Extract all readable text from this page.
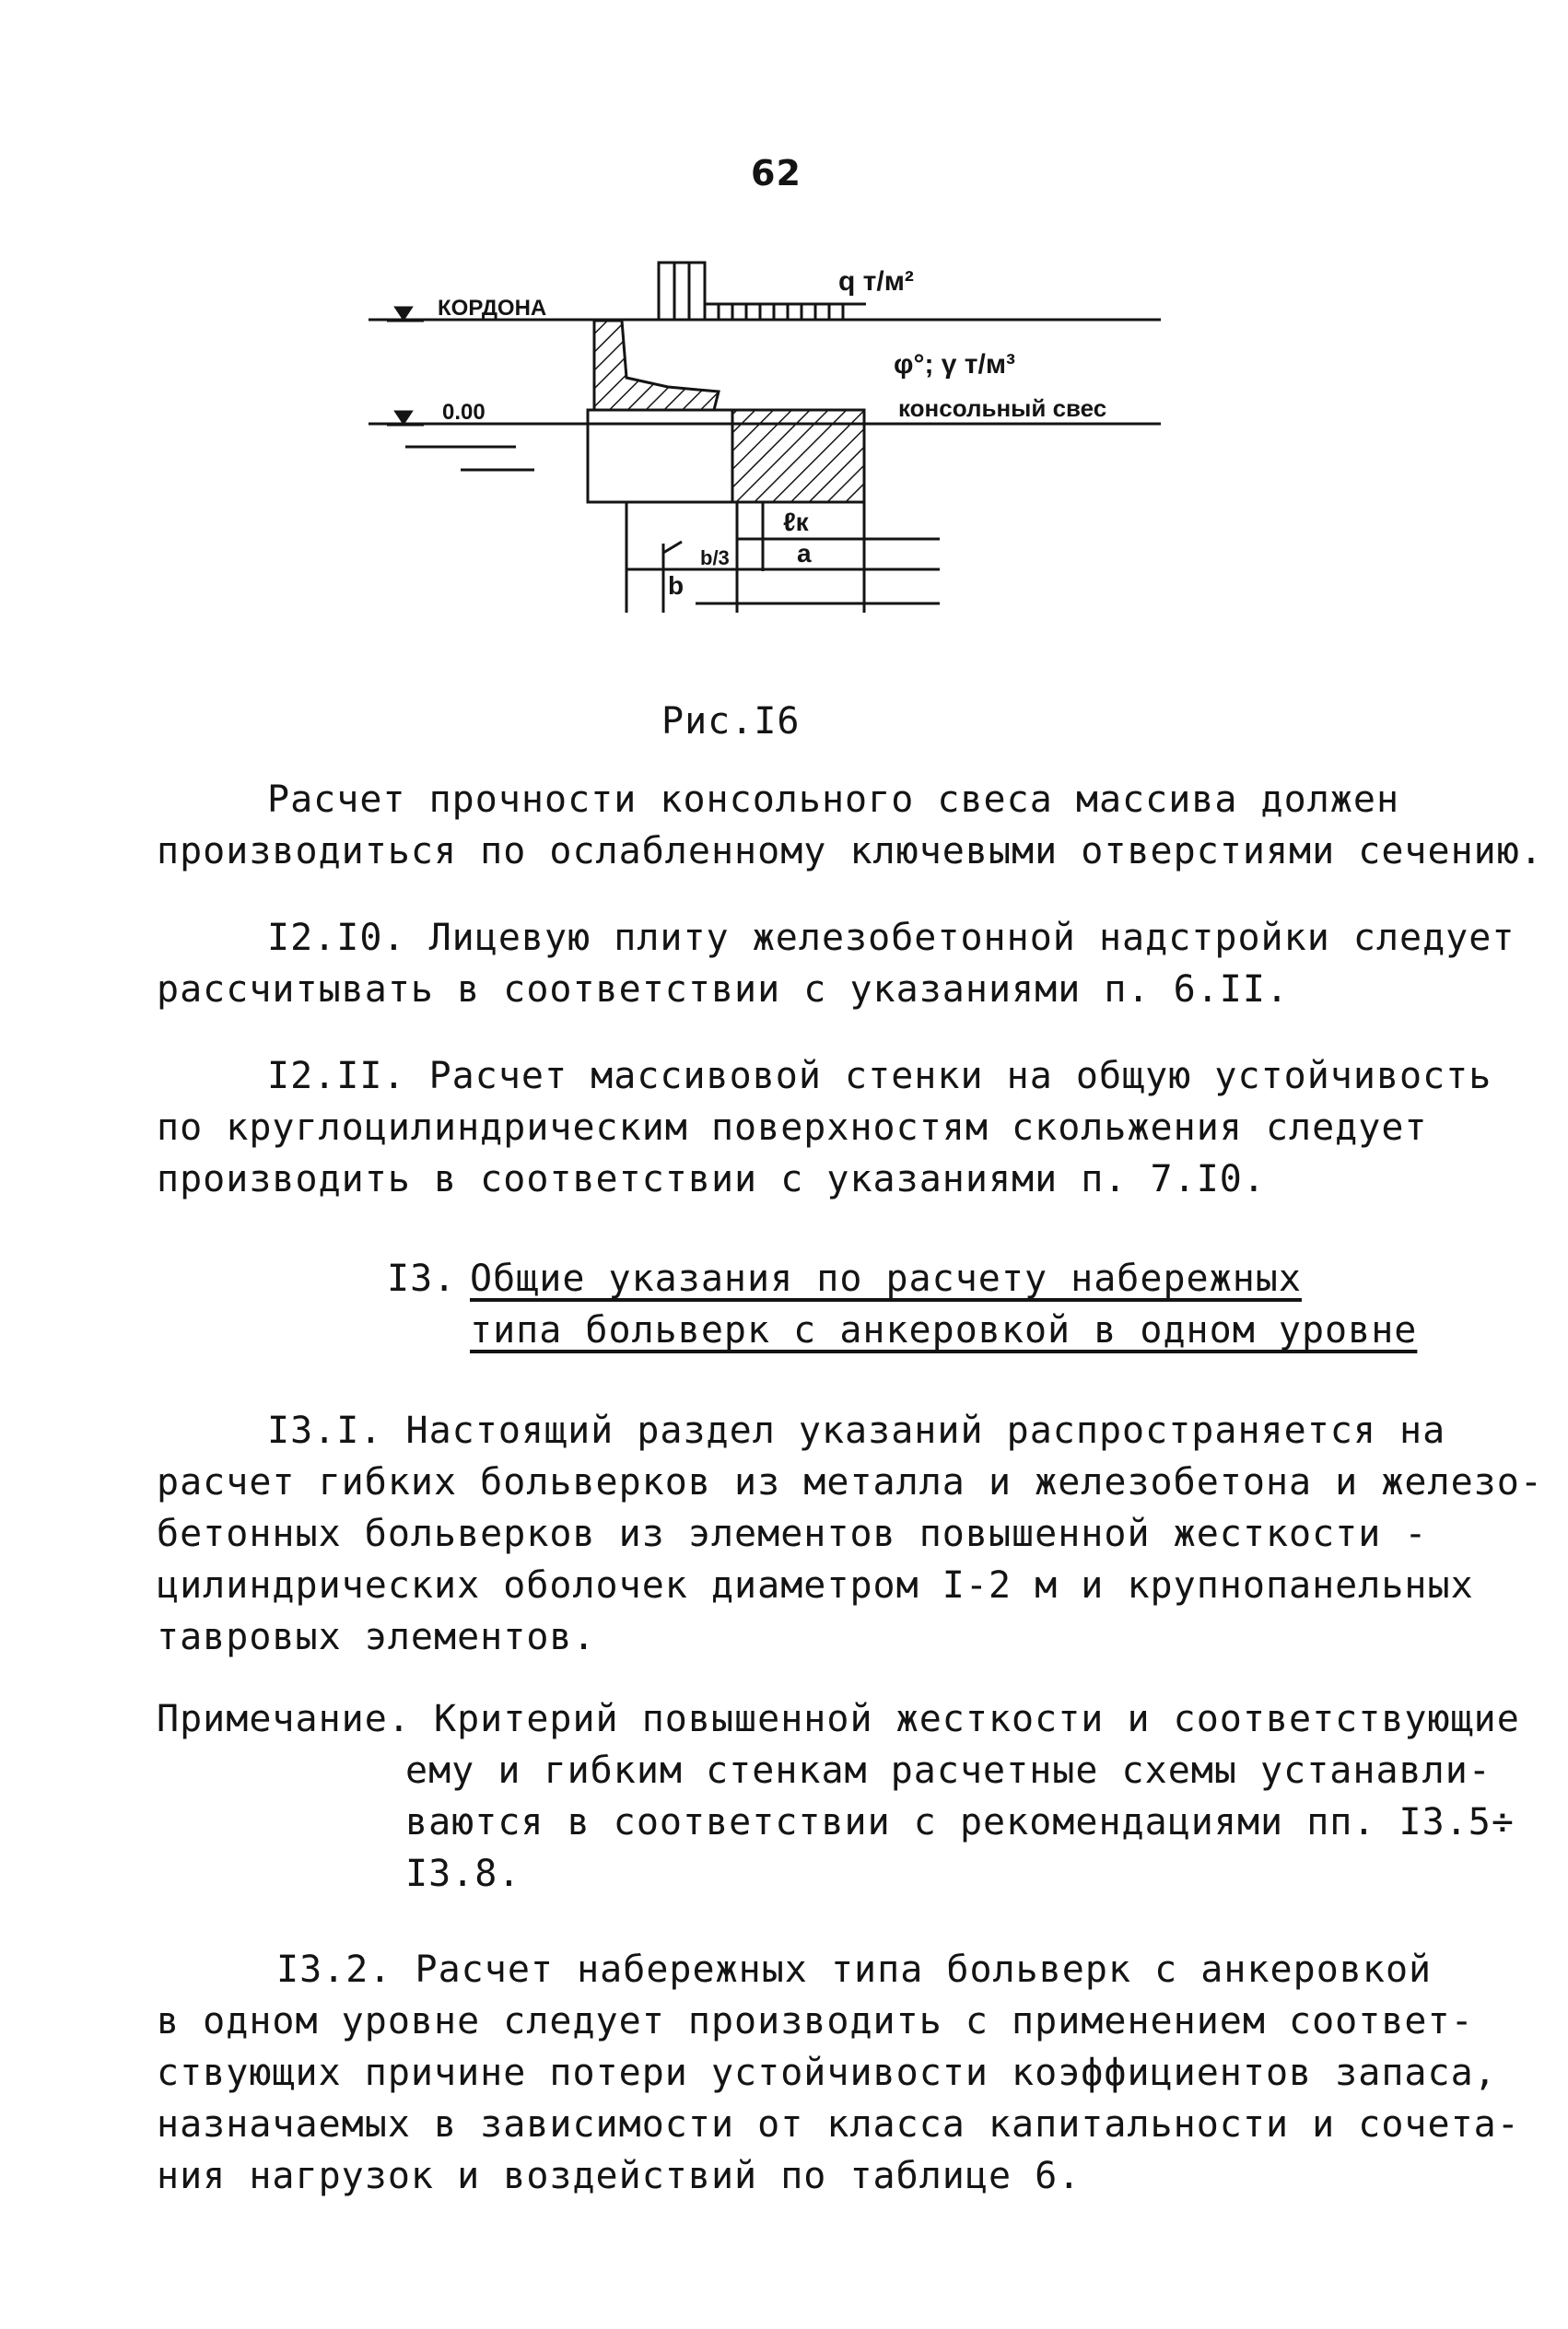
62
КОРДОНА
0.00
q т/м²
φ°; γ т/м³
консольный свес
ℓк
а
b/3
b
Рис.I6
Расчет прочности консольного свеса массива должен
производиться по ослабленному ключевыми отверстиями сечению.
I2.I0. Лицевую плиту железобетонной надстройки следует
рассчитывать в соответствии с указаниями п. 6.II.
I2.II. Расчет массивовой стенки на общую устойчивость
по круглоцилиндрическим поверхностям скольжения следует
производить в соответствии с указаниями п. 7.I0.
I3. Общие указания по расчету набережных
типа больверк с анкеровкой в одном уровне
I3.I. Настоящий раздел указаний распространяется на
расчет гибких больверков из металла и железобетона и железо-
бетонных больверков из элементов повышенной жесткости -
цилиндрических оболочек диаметром I-2 м и крупнопанельных
тавровых элементов.
Примечание. Критерий повышенной жесткости и соответствующие
ему и гибким стенкам расчетные схемы устанавли-
ваются в соответствии с рекомендациями пп. I3.5÷
I3.8.
I3.2. Расчет набережных типа больверк с анкеровкой
в одном уровне следует производить с применением соответ-
ствующих причине потери устойчивости коэффициентов запаса,
назначаемых в зависимости от класса капитальности и сочета-
ния нагрузок и воздействий по таблице 6.
